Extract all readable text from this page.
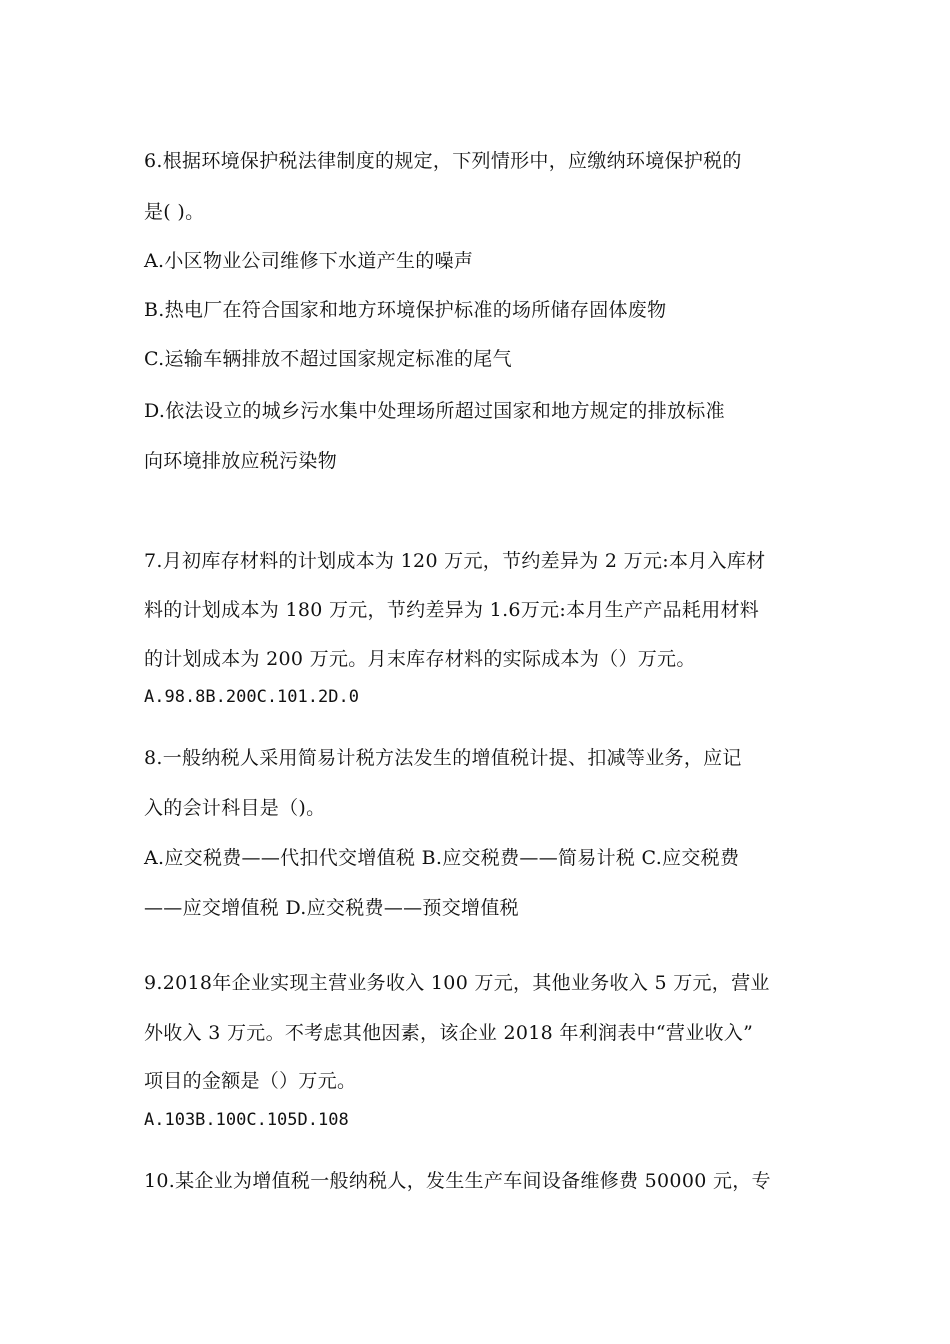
6.根据环境保护税法律制度的规定，下列情形中，应缴纳环境保护税的
是( )。
A.小区物业公司维修下水道产生的噪声
B.热电厂在符合国家和地方环境保护标准的场所储存固体废物
C.运输车辆排放不超过国家规定标准的尾气
D.依法设立的城乡污水集中处理场所超过国家和地方规定的排放标准
向环境排放应税污染物
7.月初库存材料的计划成本为 120 万元，节约差异为 2 万元:本月入库材
料的计划成本为 180 万元，节约差异为 1.6万元:本月生产产品耗用材料
的计划成本为 200 万元。月末库存材料的实际成本为（）万元。
A.98.8B.200C.101.2D.0
8.一般纳税人采用简易计税方法发生的增值税计提、扣减等业务，应记
入的会计科目是（)。
A.应交税费——代扣代交增值税 B.应交税费——简易计税 C.应交税费
——应交增值税 D.应交税费——预交增值税
9.2018年企业实现主营业务收入 100 万元，其他业务收入 5 万元，营业
外收入 3 万元。不考虑其他因素，该企业 2018 年利润表中“营业收入”
项目的金额是（）万元。
A.103B.100C.105D.108
10.某企业为增值税一般纳税人，发生生产车间设备维修费 50000 元，专
